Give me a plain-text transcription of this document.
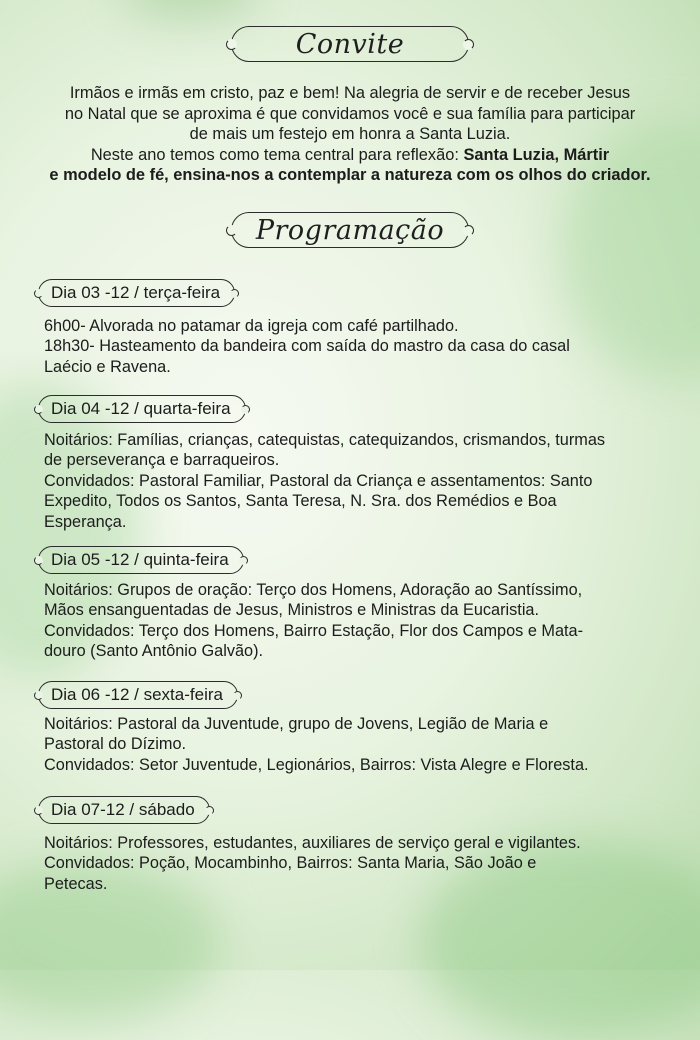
Convite

Irmãos e irmãs em cristo, paz e bem! Na alegria de servir e de receber Jesus

no Natal que se aproxima é que convidamos você e sua família para participar

de mais um festejo em honra a Santa Luzia.

Neste ano temos como tema central para reflexão: Santa Luzia, Mártir

e modelo de fé, ensina-nos a contemplar a natureza com os olhos do criador.

Programação
Dia 03 -12 / terça-feira

6h00- Alvorada no patamar da igreja com café partilhado.

18h30- Hasteamento da bandeira com saída do mastro da casa do casal

Laécio e Ravena.

Dia 04 -12 / quarta-feira

Noitários: Famílias, crianças, catequistas, catequizandos, crismandos, turmas

de perseverança e barraqueiros.

Convidados: Pastoral Familiar, Pastoral da Criança e assentamentos: Santo

Expedito, Todos os Santos, Santa Teresa, N. Sra. dos Remédios e Boa

Esperança.

Dia 05 -12 / quinta-feira

Noitários: Grupos de oração: Terço dos Homens, Adoração ao Santíssimo,

Mãos ensanguentadas de Jesus, Ministros e Ministras da Eucaristia.

Convidados: Terço dos Homens, Bairro Estação, Flor dos Campos e Mata-

douro (Santo Antônio Galvão).

Dia 06 -12 / sexta-feira

Noitários: Pastoral da Juventude, grupo de Jovens, Legião de Maria e

Pastoral do Dízimo.

Convidados: Setor Juventude, Legionários, Bairros: Vista Alegre e Floresta.

Dia 07-12 / sábado

Noitários: Professores, estudantes, auxiliares de serviço geral e vigilantes.

Convidados: Poção, Mocambinho, Bairros: Santa Maria, São João e

Petecas.
